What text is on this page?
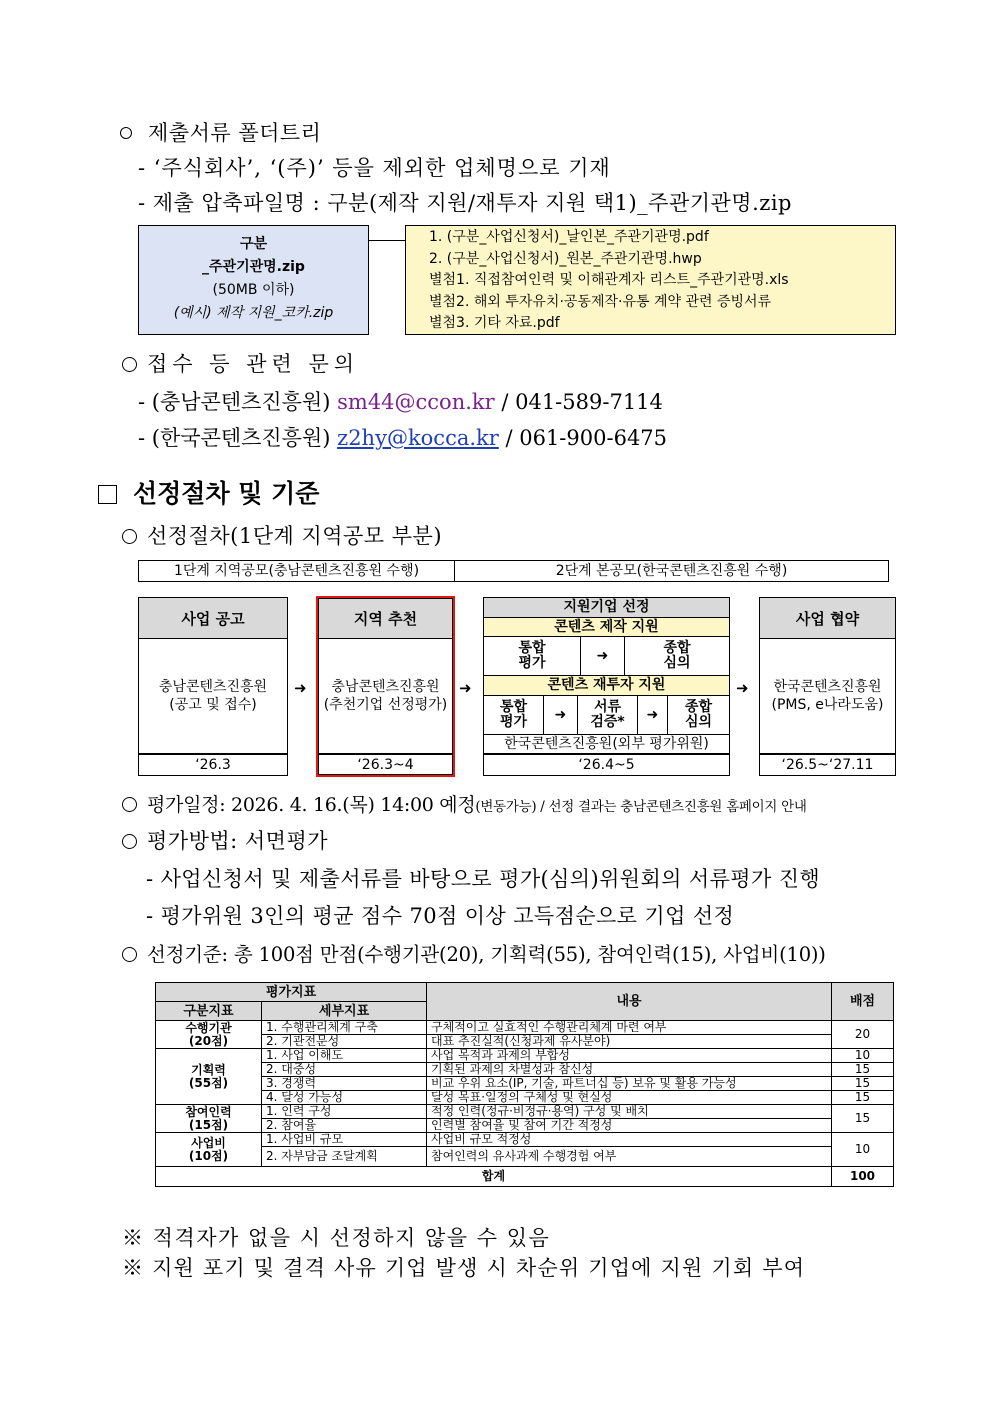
제출서류 폴더트리
- ‘주식회사’, ‘(주)’ 등을 제외한 업체명으로 기재
- 제출 압축파일명 : 구분(제작 지원/재투자 지원 택1)_주관기관명.zip
구분
_주관기관명.zip
(50MB 이하)
(예시) 제작 지원_코카.zip
1. (구분_사업신청서)_날인본_주관기관명.pdf
2. (구분_사업신청서)_원본_주관기관명.hwp
별첨1. 직접참여인력 및 이해관계자 리스트_주관기관명.xls
별첨2. 해외 투자유치·공동제작·유통 계약 관련 증빙서류
별첨3. 기타 자료.pdf
접수 등 관련 문의
- (충남콘텐츠진흥원) sm44@ccon.kr / 041-589-7114
- (한국콘텐츠진흥원) z2hy@kocca.kr / 061-900-6475
선정절차 및 기준
선정절차(1단계 지역공모 부분)
1단계 지역공모(충남콘텐츠진흥원 수행)	2단계 본공모(한국콘텐츠진흥원 수행)
사업 공고
충남콘텐츠진흥원
(공고 및 접수)
‘26.3
➜
지역 추천
충남콘텐츠진흥원
(추천기업 선정평가)
‘26.3~4
➜
지원기업 선정
콘텐츠 제작 지원
통합
평가	➜	종합
심의
콘텐츠 재투자 지원
통합
평가	➜	서류
검증*	➜	종합
심의
한국콘텐츠진흥원(외부 평가위원)
‘26.4~5
➜
사업 협약
한국콘텐츠진흥원
(PMS, e나라도움)
‘26.5~‘27.11
평가일정: 2026. 4. 16.(목) 14:00 예정(변동가능) / 선정 결과는 충남콘텐츠진흥원 홈페이지 안내
평가방법: 서면평가
- 사업신청서 및 제출서류를 바탕으로 평가(심의)위원회의 서류평가 진행
- 평가위원 3인의 평균 점수 70점 이상 고득점순으로 기업 선정
선정기준: 총 100점 만점(수행기관(20), 기획력(55), 참여인력(15), 사업비(10))
평가지표		내용	배점
구분지표	세부지표		

수행기관
(20점)	1. 수행관리체계 구축	구체적이고 실효적인 수행관리체계 마련 여부	20
	2. 기관전문성	대표 추진실적(신청과제 유사분야)	

기획력
(55점)	1. 사업 이해도	사업 목적과 과제의 부합성	10
	2. 대중성	기획된 과제의 차별성과 참신성	15
	3. 경쟁력	비교 우위 요소(IP, 기술, 파트너십 등) 보유 및 활용 가능성	15
	4. 달성 가능성	달성 목표·일정의 구체성 및 현실성	15

참여인력
(15점)	1. 인력 구성	적정 인력(정규·비정규·용역) 구성 및 배치	15
	2. 참여율	인력별 참여율 및 참여 기간 적정성	

사업비
(10점)	1. 사업비 규모	사업비 규모 적정성	10
	2. 자부담금 조달계획	참여인력의 유사과제 수행경험 여부	
합계			100
※ 적격자가 없을 시 선정하지 않을 수 있음
※ 지원 포기 및 결격 사유 기업 발생 시 차순위 기업에 지원 기회 부여
